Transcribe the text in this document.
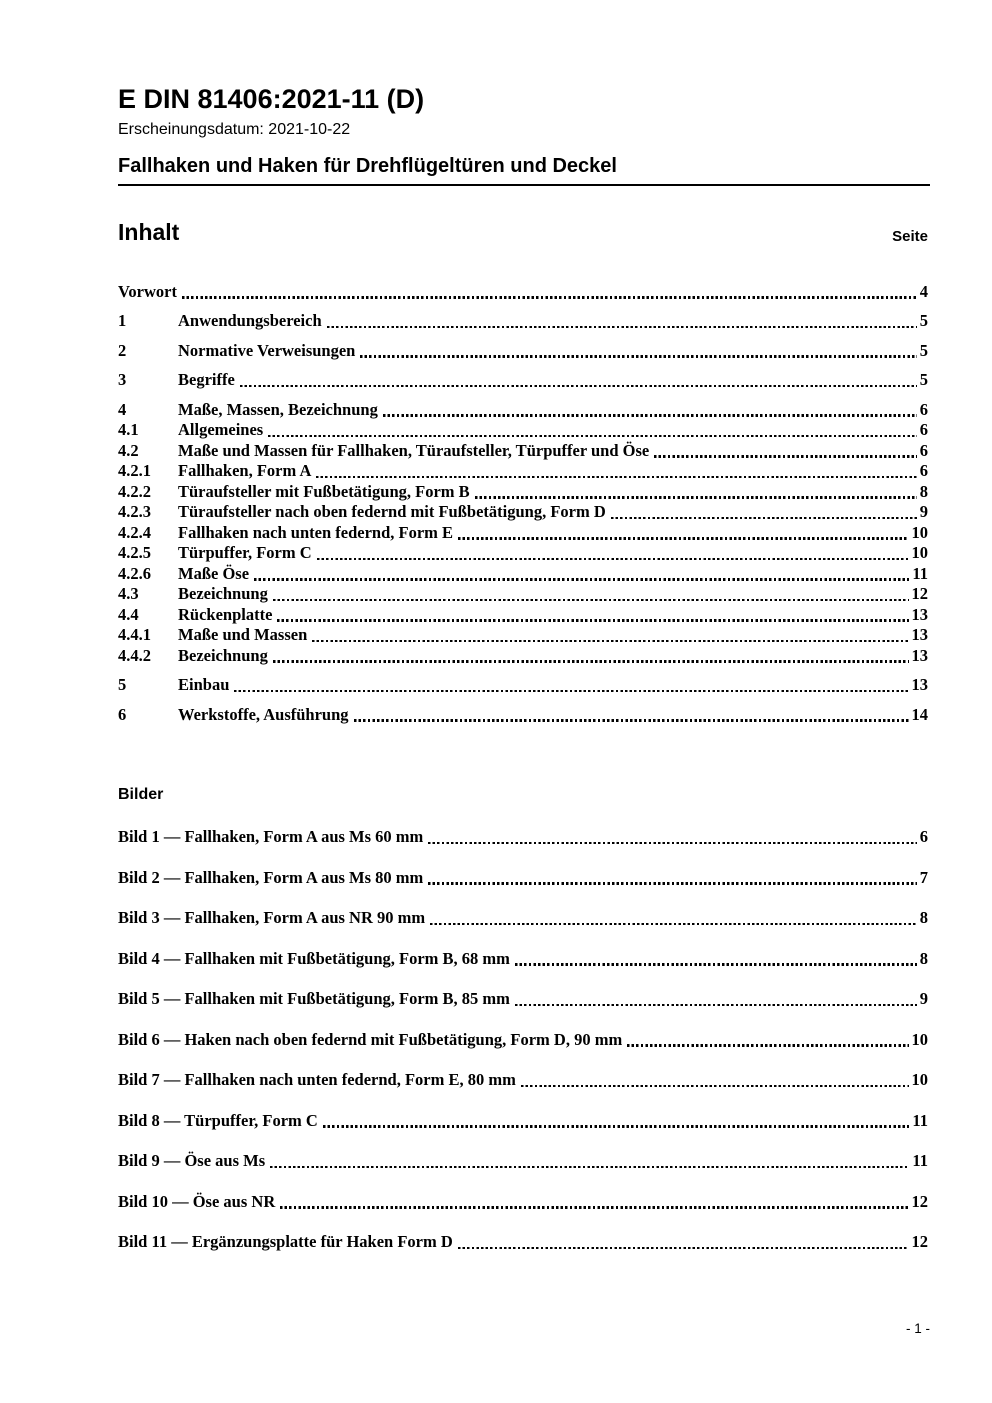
E DIN 81406:2021-11 (D)
Erscheinungsdatum: 2021-10-22
Fallhaken und Haken für Drehflügeltüren und Deckel
Inhalt	Seite
Vorwort	4
1	Anwendungsbereich	5
2	Normative Verweisungen	5
3	Begriffe	5
4	Maße, Massen, Bezeichnung	6
4.1	Allgemeines	6
4.2	Maße und Massen für Fallhaken, Türaufsteller, Türpuffer und Öse	6
4.2.1	Fallhaken, Form A	6
4.2.2	Türaufsteller mit Fußbetätigung, Form B	8
4.2.3	Türaufsteller nach oben federnd mit Fußbetätigung, Form D	9
4.2.4	Fallhaken nach unten federnd, Form E	10
4.2.5	Türpuffer, Form C	10
4.2.6	Maße Öse	11
4.3	Bezeichnung	12
4.4	Rückenplatte	13
4.4.1	Maße und Massen	13
4.4.2	Bezeichnung	13
5	Einbau	13
6	Werkstoffe, Ausführung	14
Bilder
Bild 1 — Fallhaken, Form A aus Ms 60 mm	6
Bild 2 — Fallhaken, Form A aus Ms 80 mm	7
Bild 3 — Fallhaken, Form A aus NR 90 mm	8
Bild 4 — Fallhaken mit Fußbetätigung, Form B, 68 mm	8
Bild 5 — Fallhaken mit Fußbetätigung, Form B, 85 mm	9
Bild 6 — Haken nach oben federnd mit Fußbetätigung, Form D, 90 mm	10
Bild 7 — Fallhaken nach unten federnd, Form E, 80 mm	10
Bild 8 — Türpuffer, Form C	11
Bild 9 — Öse aus Ms	11
Bild 10 — Öse aus NR	12
Bild 11 — Ergänzungsplatte für Haken Form D	12
- 1 -
